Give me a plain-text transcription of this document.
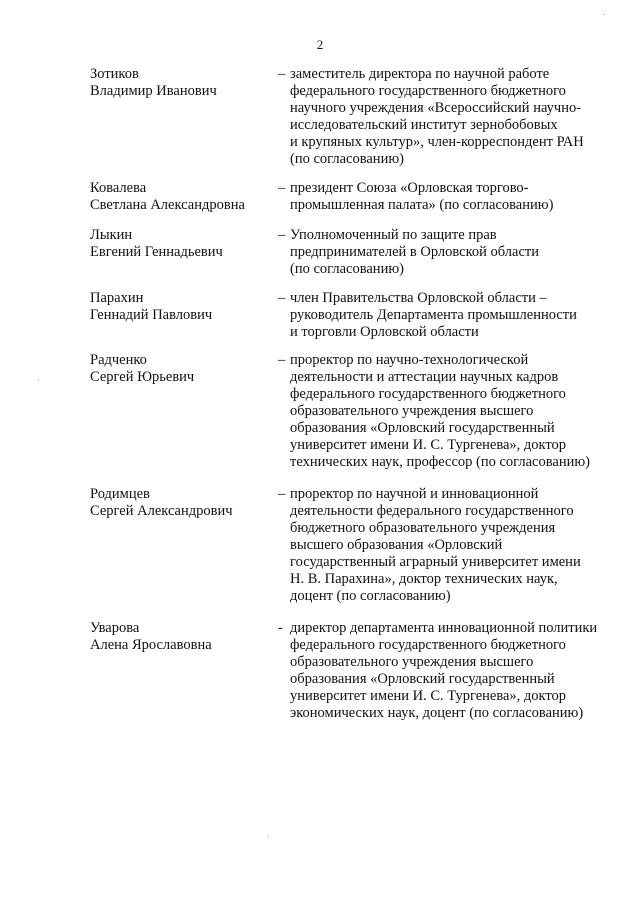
2
Зотиков
Владимир Иванович
– заместитель директора по научной работе
федерального государственного бюджетного
научного учреждения «Всероссийский научно-
исследовательский институт зернобобовых
и крупяных культур», член-корреспондент РАН
(по согласованию)
Ковалева
Светлана Александровна
– президент Союза «Орловская торгово-
промышленная палата» (по согласованию)
Лыкин
Евгений Геннадьевич
– Уполномоченный по защите прав
предпринимателей в Орловской области
(по согласованию)
Парахин
Геннадий Павлович
– член Правительства Орловской области –
руководитель Департамента промышленности
и торговли Орловской области
Радченко
Сергей Юрьевич
– проректор по научно-технологической
деятельности и аттестации научных кадров
федерального государственного бюджетного
образовательного учреждения высшего
образования «Орловский государственный
университет имени И. С. Тургенева», доктор
технических наук, профессор (по согласованию)
Родимцев
Сергей Александрович
– проректор по научной и инновационной
деятельности федерального государственного
бюджетного образовательного учреждения
высшего образования «Орловский
государственный аграрный университет имени
Н. В. Парахина», доктор технических наук,
доцент (по согласованию)
Уварова
Алена Ярославовна
- директор департамента инновационной политики
федерального государственного бюджетного
образовательного учреждения высшего
образования «Орловский государственный
университет имени И. С. Тургенева», доктор
экономических наук, доцент (по согласованию)
